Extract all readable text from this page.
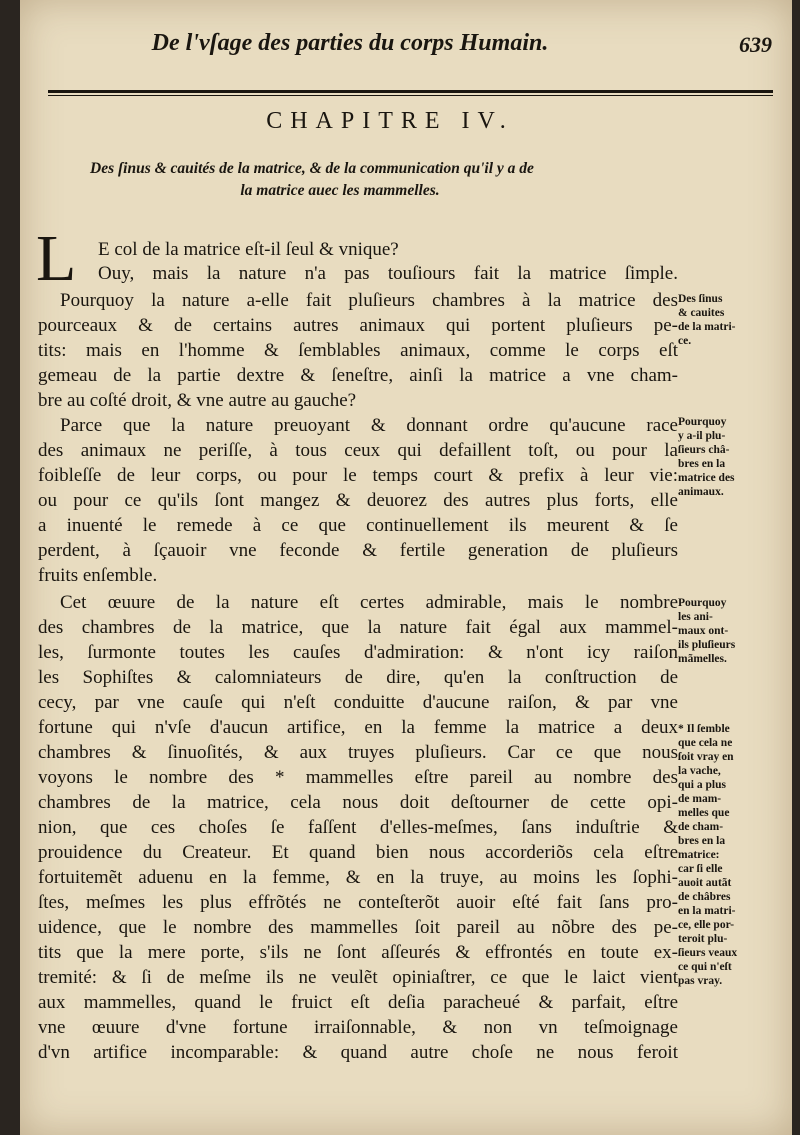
De l'vſage des parties du corps Humain.	639
CHAPITRE IV.
Des ſinus & cauités de la matrice, & de la communication qu'il y a de
la matrice auec les mammelles.
L E col de la matrice eſt-il ſeul & vnique?
Ouy, mais la nature n'a pas touſiours fait la matrice ſimple.
Pourquoy la nature a-elle fait pluſieurs chambres à la matrice des
pourceaux & de certains autres animaux qui portent pluſieurs pe-
tits: mais en l'homme & ſemblables animaux, comme le corps eſt
gemeau de la partie dextre & ſeneſtre, ainſi la matrice a vne cham-
bre au coſté droit, & vne autre au gauche?
Parce que la nature preuoyant & donnant ordre qu'aucune race
des animaux ne periſſe, à tous ceux qui defaillent toſt, ou pour la
foibleſſe de leur corps, ou pour le temps court & prefix à leur vie:
ou pour ce qu'ils ſont mangez & deuorez des autres plus forts, elle
a inuenté le remede à ce que continuellement ils meurent & ſe
perdent, à ſçauoir vne feconde & fertile generation de pluſieurs
fruits enſemble.
Cet œuure de la nature eſt certes admirable, mais le nombre
des chambres de la matrice, que la nature fait égal aux mammel-
les, ſurmonte toutes les cauſes d'admiration: & n'ont icy raiſon
les Sophiſtes & calomniateurs de dire, qu'en la conſtruction de
cecy, par vne cauſe qui n'eſt conduitte d'aucune raiſon, & par vne
fortune qui n'vſe d'aucun artifice, en la femme la matrice a deux
chambres & ſinuoſités, & aux truyes pluſieurs. Car ce que nous
voyons le nombre des * mammelles eſtre pareil au nombre des
chambres de la matrice, cela nous doit deſtourner de cette opi-
nion, que ces choſes ſe faſſent d'elles-meſmes, ſans induſtrie &
prouidence du Createur. Et quand bien nous accorderiõs cela eſtre
fortuitemẽt aduenu en la femme, & en la truye, au moins les ſophi-
ſtes, meſmes les plus effrõtés ne conteſterõt auoir eſté fait ſans pro-
uidence, que le nombre des mammelles ſoit pareil au nõbre des pe-
tits que la mere porte, s'ils ne ſont aſſeurés & effrontés en toute ex-
tremité: & ſi de meſme ils ne veulẽt opiniaſtrer, ce que le laict vient
aux mammelles, quand le fruict eſt deſia paracheué & parfait, eſtre
vne œuure d'vne fortune irraiſonnable, & non vn teſmoignage
d'vn artifice incomparable: & quand autre choſe ne nous feroit
Des ſinus
& cauites
de la matri-
ce.
Pourquoy
y a-il plu-
ſieurs châ-
bres en la
matrice des
animaux.
Pourquoy
les ani-
maux ont-
ils pluſieurs
mãmelles.
* Il ſemble
que cela ne
ſoit vray en
la vache,
qui a plus
de mam-
melles que
de cham-
bres en la
matrice:
car ſi elle
auoit autãt
de châbres
en la matri-
ce, elle por-
teroit plu-
ſieurs veaux
ce qui n'eſt
pas vray.
